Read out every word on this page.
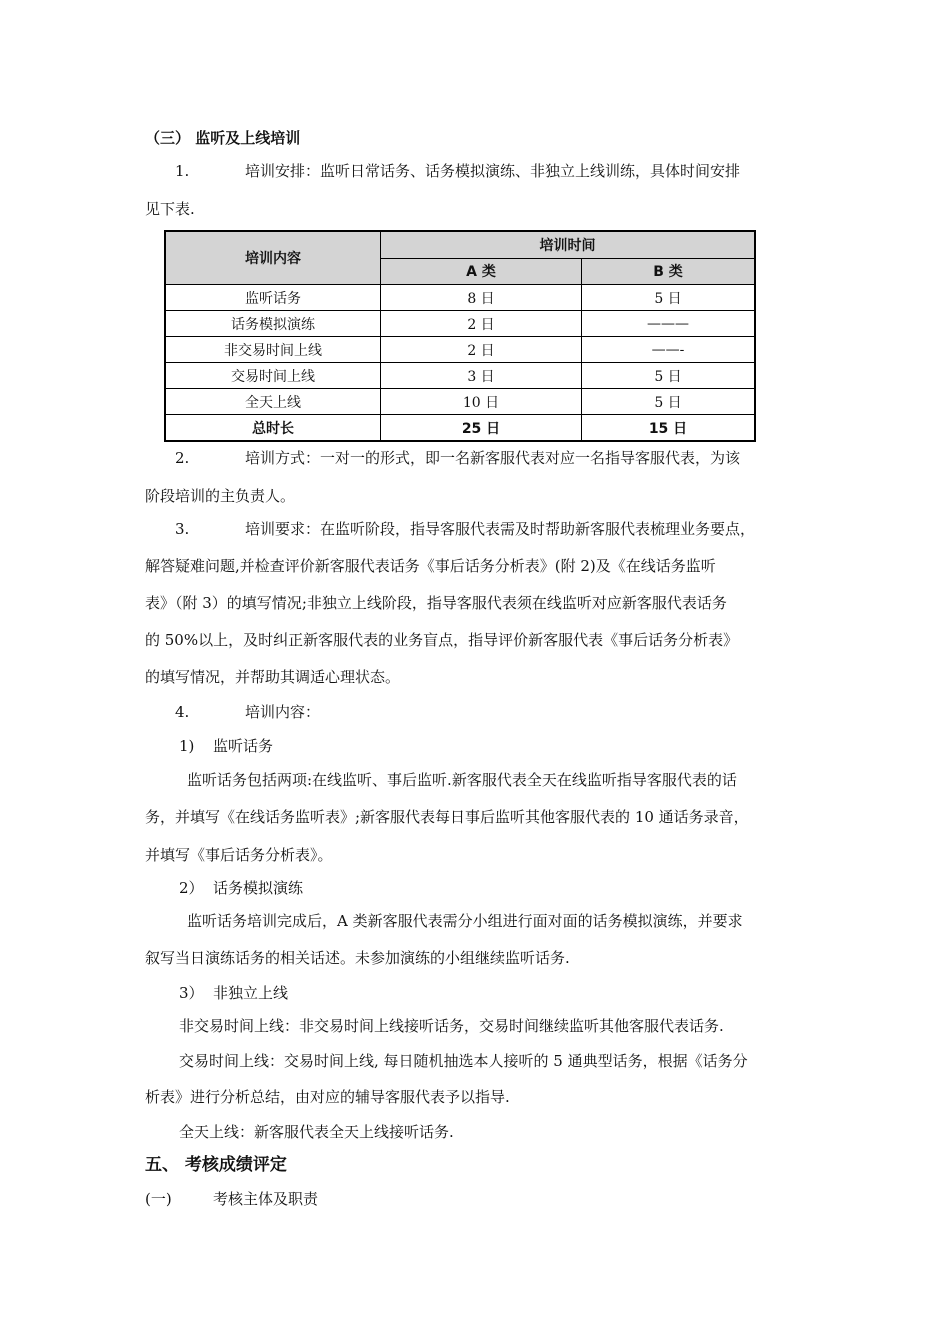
（三） 监听及上线培训
1.	培训安排：监听日常话务、话务模拟演练、非独立上线训练，具体时间安排
见下表.
培训内容	培训时间	
	A 类	B 类
监听话务	8 日	5 日
话务模拟演练	2 日	———
非交易时间上线	2 日	——-
交易时间上线	3 日	5 日
全天上线	10 日	5 日
总时长	25 日	15 日
2.	培训方式：一对一的形式，即一名新客服代表对应一名指导客服代表，为该
阶段培训的主负责人。
3.	培训要求：在监听阶段，指导客服代表需及时帮助新客服代表梳理业务要点，
解答疑难问题,并检查评价新客服代表话务《事后话务分析表》(附 2)及《在线话务监听
表》（附 3）的填写情况;非独立上线阶段，指导客服代表须在线监听对应新客服代表话务
的 50%以上，及时纠正新客服代表的业务盲点，指导评价新客服代表《事后话务分析表》
的填写情况，并帮助其调适心理状态。
4.	培训内容：
1) 监听话务
监听话务包括两项:在线监听、事后监听.新客服代表全天在线监听指导客服代表的话
务，并填写《在线话务监听表》;新客服代表每日事后监听其他客服代表的 10 通话务录音，
并填写《事后话务分析表》。
2） 话务模拟演练
监听话务培训完成后，A 类新客服代表需分小组进行面对面的话务模拟演练，并要求
叙写当日演练话务的相关话述。未参加演练的小组继续监听话务.
3） 非独立上线
非交易时间上线：非交易时间上线接听话务，交易时间继续监听其他客服代表话务.
交易时间上线：交易时间上线, 每日随机抽选本人接听的 5 通典型话务，根据《话务分
析表》进行分析总结，由对应的辅导客服代表予以指导.
全天上线：新客服代表全天上线接听话务.
五、 考核成绩评定
(一)	考核主体及职责
